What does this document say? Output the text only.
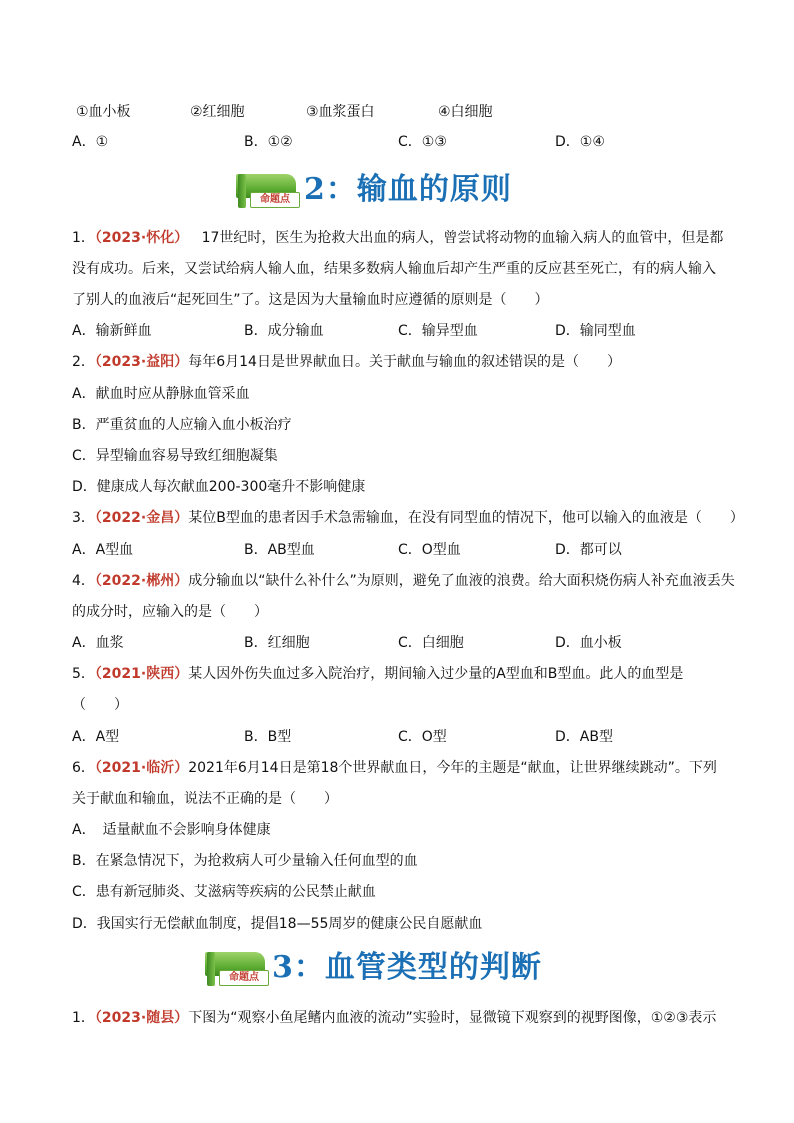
①血小板	②红细胞	③血浆蛋白	④白细胞
A．①	B．①②	C．①③	D．①④
命题点 2：输血的原则
1．（2023·怀化） 17世纪时，医生为抢救大出血的病人，曾尝试将动物的血输入病人的血管中，但是都
没有成功。后来，又尝试给病人输人血，结果多数病人输血后却产生严重的反应甚至死亡，有的病人输入
了别人的血液后“起死回生”了。这是因为大量输血时应遵循的原则是（　　）
A．输新鲜血	B．成分输血	C．输异型血	D．输同型血
2．（2023·益阳）每年6月14日是世界献血日。关于献血与输血的叙述错误的是（　　）
A．献血时应从静脉血管采血
B．严重贫血的人应输入血小板治疗
C．异型输血容易导致红细胞凝集
D．健康成人每次献血200-300毫升不影响健康
3．（2022·金昌）某位B型血的患者因手术急需输血，在没有同型血的情况下，他可以输入的血液是（　　）
A．A型血	B．AB型血	C．O型血	D．都可以
4．（2022·郴州）成分输血以“缺什么补什么”为原则，避免了血液的浪费。给大面积烧伤病人补充血液丢失
的成分时，应输入的是（　　）
A．血浆	B．红细胞	C．白细胞	D．血小板
5．（2021·陕西）某人因外伤失血过多入院治疗，期间输入过少量的A型血和B型血。此人的血型是
（　　）
A．A型	B．B型	C．O型	D．AB型
6．（2021·临沂）2021年6月14日是第18个世界献血日，今年的主题是“献血，让世界继续跳动”。下列
关于献血和输血，说法不正确的是（　　）
A．　适量献血不会影响身体健康
B．在紧急情况下，为抢救病人可少量输入任何血型的血
C．患有新冠肺炎、艾滋病等疾病的公民禁止献血
D．我国实行无偿献血制度，提倡18—55周岁的健康公民自愿献血
命题点 3：血管类型的判断
1．（2023·随县）下图为“观察小鱼尾鳍内血液的流动”实验时，显微镜下观察到的视野图像，①②③表示
